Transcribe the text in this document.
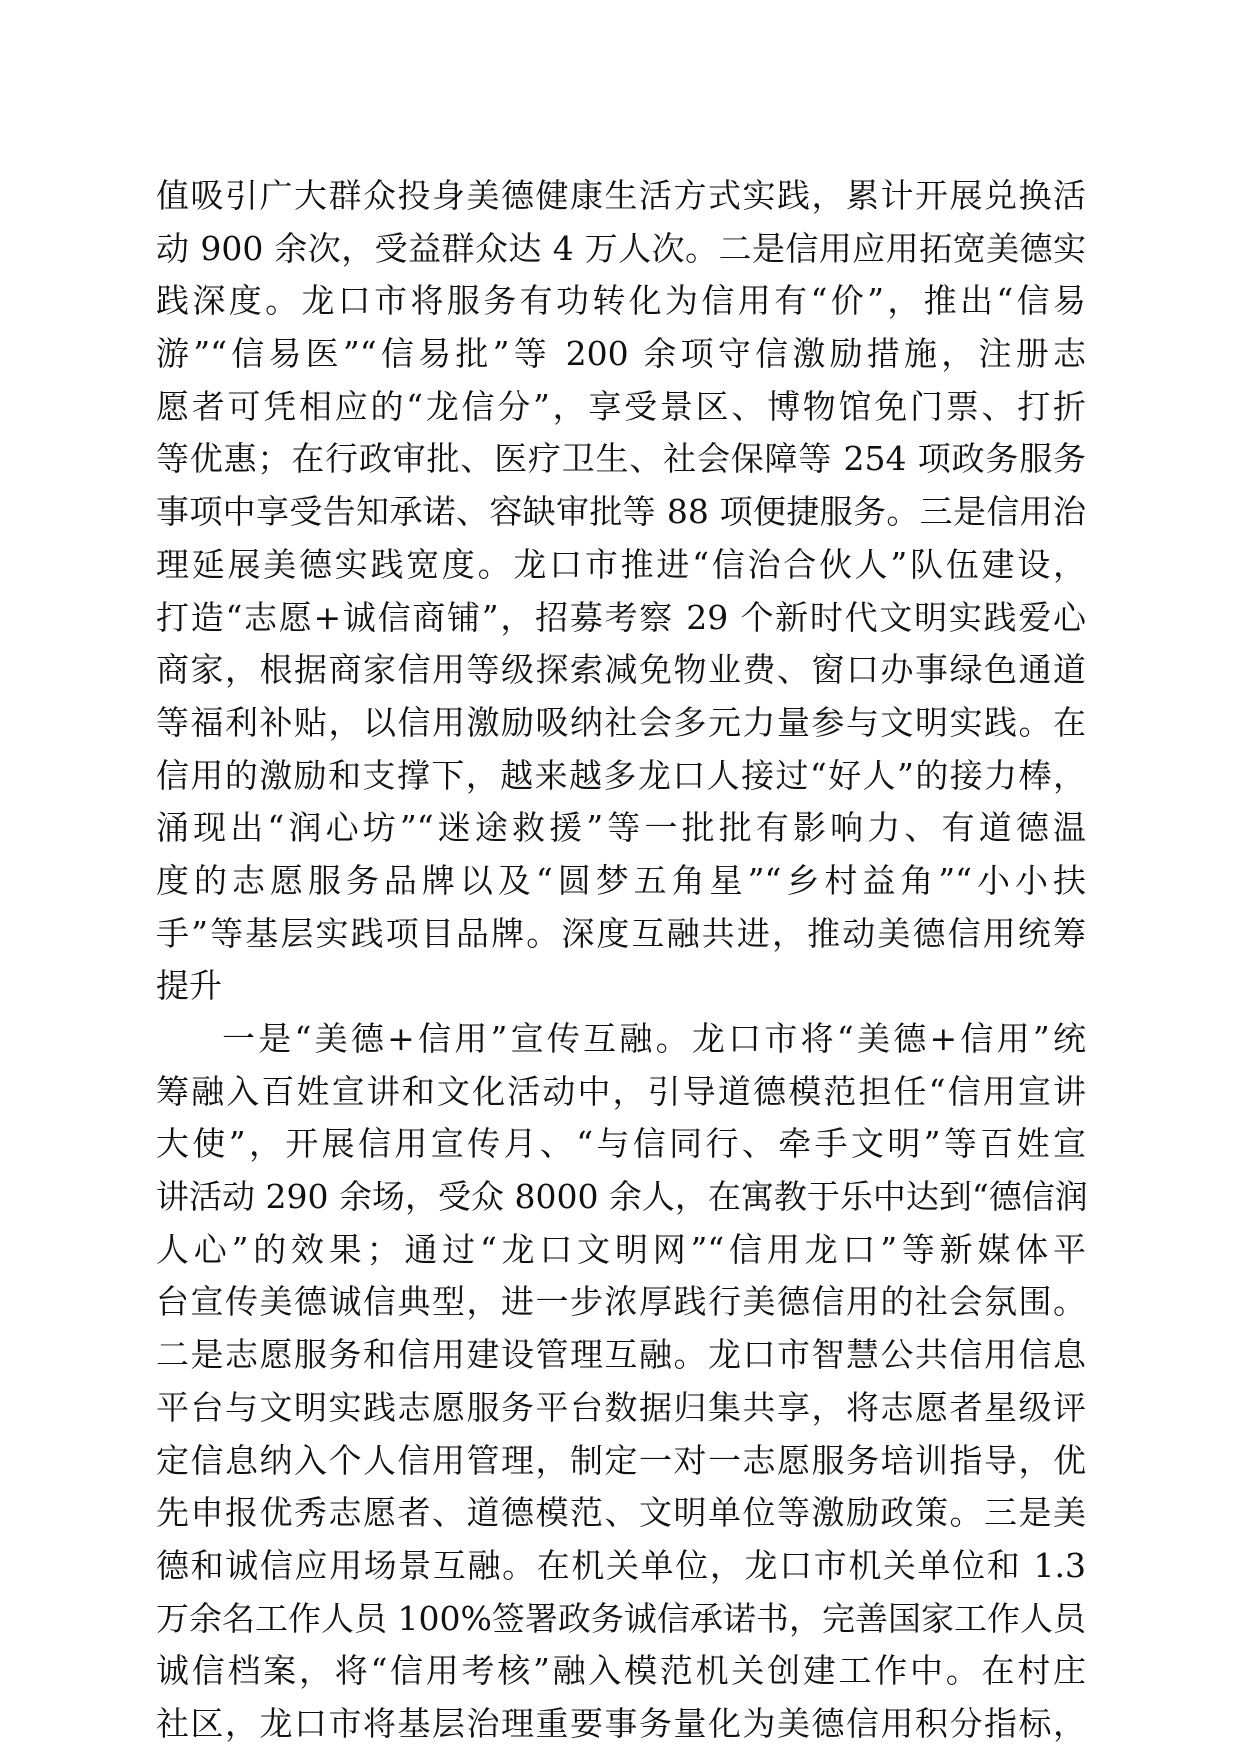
值吸引广大群众投身美德健康生活方式实践，累计开展兑换活
动 900 余次，受益群众达 4 万人次。二是信用应用拓宽美德实
践深度。龙口市将服务有功转化为信用有“价”，推出“信易
游”“信易医”“信易批”等 200 余项守信激励措施，注册志
愿者可凭相应的“龙信分”，享受景区、博物馆免门票、打折
等优惠；在行政审批、医疗卫生、社会保障等 254 项政务服务
事项中享受告知承诺、容缺审批等 88 项便捷服务。三是信用治
理延展美德实践宽度。龙口市推进“信治合伙人”队伍建设，
打造“志愿+诚信商铺”，招募考察 29 个新时代文明实践爱心
商家，根据商家信用等级探索减免物业费、窗口办事绿色通道
等福利补贴，以信用激励吸纳社会多元力量参与文明实践。在
信用的激励和支撑下，越来越多龙口人接过“好人”的接力棒，
涌现出“润心坊”“迷途救援”等一批批有影响力、有道德温
度的志愿服务品牌以及“圆梦五角星”“乡村益角”“小小扶
手”等基层实践项目品牌。深度互融共进，推动美德信用统筹
提升
一是“美德+信用”宣传互融。龙口市将“美德+信用”统
筹融入百姓宣讲和文化活动中，引导道德模范担任“信用宣讲
大使”，开展信用宣传月、“与信同行、牵手文明”等百姓宣
讲活动 290 余场，受众 8000 余人，在寓教于乐中达到“德信润
人心”的效果；通过“龙口文明网”“信用龙口”等新媒体平
台宣传美德诚信典型，进一步浓厚践行美德信用的社会氛围。
二是志愿服务和信用建设管理互融。龙口市智慧公共信用信息
平台与文明实践志愿服务平台数据归集共享，将志愿者星级评
定信息纳入个人信用管理，制定一对一志愿服务培训指导，优
先申报优秀志愿者、道德模范、文明单位等激励政策。三是美
德和诚信应用场景互融。在机关单位，龙口市机关单位和 1.3
万余名工作人员 100%签署政务诚信承诺书，完善国家工作人员
诚信档案，将“信用考核”融入模范机关创建工作中。在村庄
社区，龙口市将基层治理重要事务量化为美德信用积分指标，
